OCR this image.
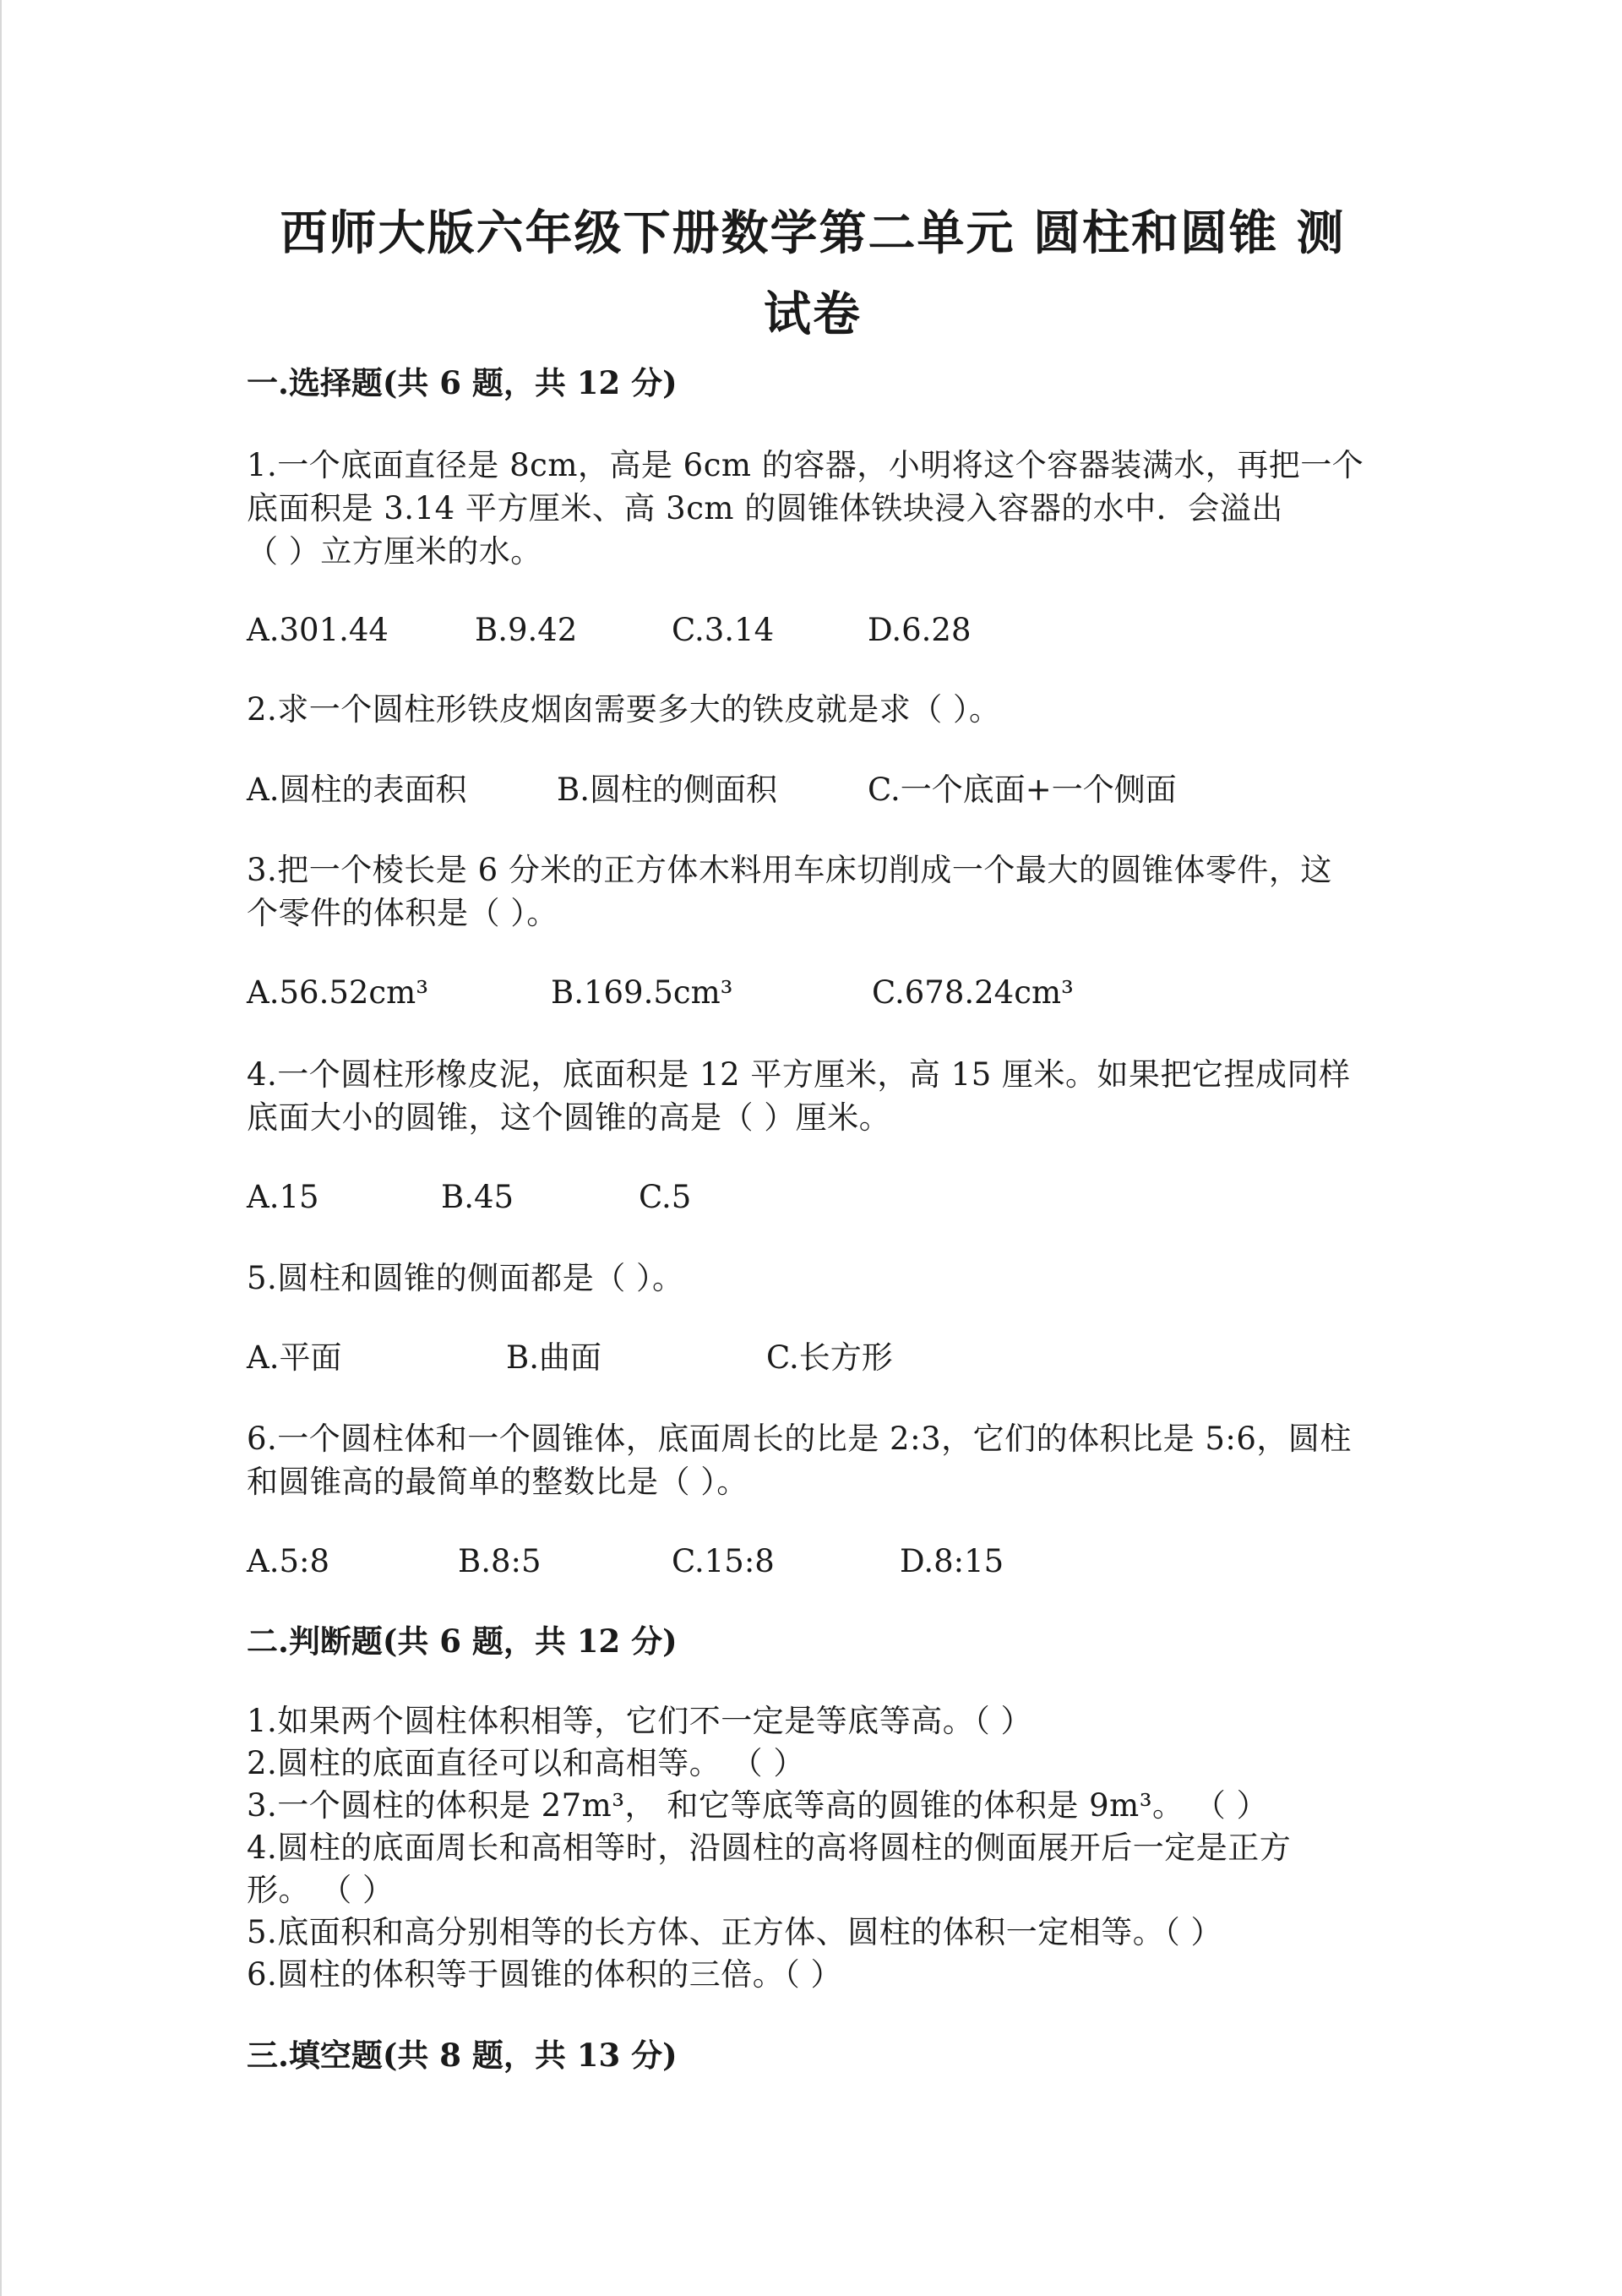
西师大版六年级下册数学第二单元 圆柱和圆锥 测
试卷
一.选择题(共 6 题，共 12 分)
1.一个底面直径是 8cm，高是 6cm 的容器，小明将这个容器装满水，再把一个
底面积是 3.14 平方厘米、高 3cm 的圆锥体铁块浸入容器的水中．会溢出
（ ）立方厘米的水。
A.301.44	B.9.42	C.3.14	D.6.28
2.求一个圆柱形铁皮烟囱需要多大的铁皮就是求（ ）。
A.圆柱的表面积	B.圆柱的侧面积	C.一个底面+一个侧面
3.把一个棱长是 6 分米的正方体木料用车床切削成一个最大的圆锥体零件，这
个零件的体积是（ ）。
A.56.52cm³	B.169.5cm³	C.678.24cm³
4.一个圆柱形橡皮泥，底面积是 12 平方厘米，高 15 厘米。如果把它捏成同样
底面大小的圆锥，这个圆锥的高是（ ）厘米。
A.15	B.45	C.5
5.圆柱和圆锥的侧面都是（ ）。
A.平面	B.曲面	C.长方形
6.一个圆柱体和一个圆锥体，底面周长的比是 2:3，它们的体积比是 5:6，圆柱
和圆锥高的最简单的整数比是（ ）。
A.5:8	B.8:5	C.15:8	D.8:15
二.判断题(共 6 题，共 12 分)
1.如果两个圆柱体积相等，它们不一定是等底等高。（ ）
2.圆柱的底面直径可以和高相等。 （ ）
3.一个圆柱的体积是 27m³， 和它等底等高的圆锥的体积是 9m³。 （ ）
4.圆柱的底面周长和高相等时，沿圆柱的高将圆柱的侧面展开后一定是正方
形。 （ ）
5.底面积和高分别相等的长方体、正方体、圆柱的体积一定相等。（ ）
6.圆柱的体积等于圆锥的体积的三倍。（ ）
三.填空题(共 8 题，共 13 分)
